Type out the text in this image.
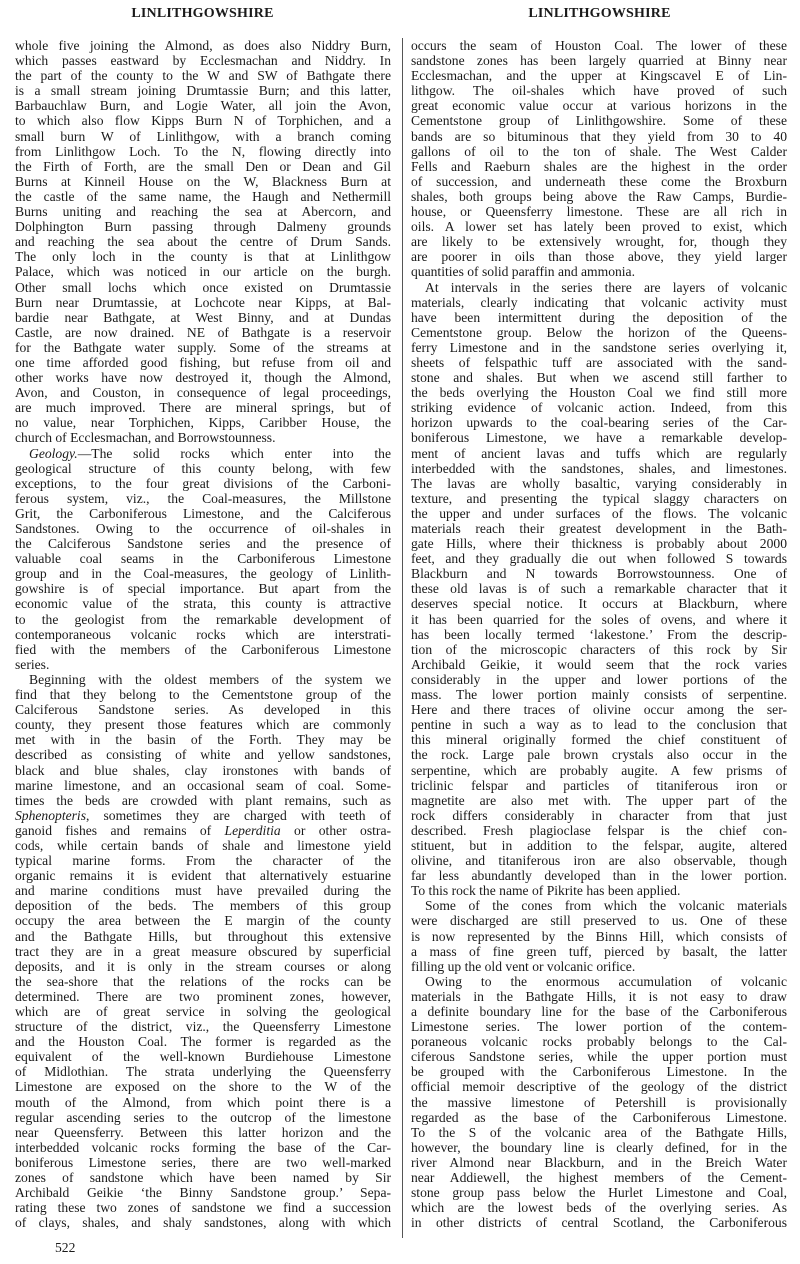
LINLITHGOWSHIRE	LINLITHGOWSHIRE
whole five joining the Almond, as does also Niddry Burn,
which passes eastward by Ecclesmachan and Niddry. In
the part of the county to the W and SW of Bathgate there
is a small stream joining Drumtassie Burn; and this latter,
Barbauchlaw Burn, and Logie Water, all join the Avon,
to which also flow Kipps Burn N of Torphichen, and a
small burn W of Linlithgow, with a branch coming
from Linlithgow Loch. To the N, flowing directly into
the Firth of Forth, are the small Den or Dean and Gil
Burns at Kinneil House on the W, Blackness Burn at
the castle of the same name, the Haugh and Nethermill
Burns uniting and reaching the sea at Abercorn, and
Dolphington Burn passing through Dalmeny grounds
and reaching the sea about the centre of Drum Sands.
The only loch in the county is that at Linlithgow
Palace, which was noticed in our article on the burgh.
Other small lochs which once existed on Drumtassie
Burn near Drumtassie, at Lochcote near Kipps, at Bal-
bardie near Bathgate, at West Binny, and at Dundas
Castle, are now drained. NE of Bathgate is a reservoir
for the Bathgate water supply. Some of the streams at
one time afforded good fishing, but refuse from oil and
other works have now destroyed it, though the Almond,
Avon, and Couston, in consequence of legal proceedings,
are much improved. There are mineral springs, but of
no value, near Torphichen, Kipps, Caribber House, the
church of Ecclesmachan, and Borrowstounness.
Geology.—The solid rocks which enter into the
geological structure of this county belong, with few
exceptions, to the four great divisions of the Carboni-
ferous system, viz., the Coal-measures, the Millstone
Grit, the Carboniferous Limestone, and the Calciferous
Sandstones. Owing to the occurrence of oil-shales in
the Calciferous Sandstone series and the presence of
valuable coal seams in the Carboniferous Limestone
group and in the Coal-measures, the geology of Linlith-
gowshire is of special importance. But apart from the
economic value of the strata, this county is attractive
to the geologist from the remarkable development of
contemporaneous volcanic rocks which are interstrati-
fied with the members of the Carboniferous Limestone
series.
Beginning with the oldest members of the system we
find that they belong to the Cementstone group of the
Calciferous Sandstone series. As developed in this
county, they present those features which are commonly
met with in the basin of the Forth. They may be
described as consisting of white and yellow sandstones,
black and blue shales, clay ironstones with bands of
marine limestone, and an occasional seam of coal. Some-
times the beds are crowded with plant remains, such as
Sphenopteris, sometimes they are charged with teeth of
ganoid fishes and remains of Leperditia or other ostra-
cods, while certain bands of shale and limestone yield
typical marine forms. From the character of the
organic remains it is evident that alternatively estuarine
and marine conditions must have prevailed during the
deposition of the beds. The members of this group
occupy the area between the E margin of the county
and the Bathgate Hills, but throughout this extensive
tract they are in a great measure obscured by superficial
deposits, and it is only in the stream courses or along
the sea-shore that the relations of the rocks can be
determined. There are two prominent zones, however,
which are of great service in solving the geological
structure of the district, viz., the Queensferry Limestone
and the Houston Coal. The former is regarded as the
equivalent of the well-known Burdiehouse Limestone
of Midlothian. The strata underlying the Queensferry
Limestone are exposed on the shore to the W of the
mouth of the Almond, from which point there is a
regular ascending series to the outcrop of the limestone
near Queensferry. Between this latter horizon and the
interbedded volcanic rocks forming the base of the Car-
boniferous Limestone series, there are two well-marked
zones of sandstone which have been named by Sir
Archibald Geikie ‘the Binny Sandstone group.’ Sepa-
rating these two zones of sandstone we find a succession
of clays, shales, and shaly sandstones, along with which
occurs the seam of Houston Coal. The lower of these
sandstone zones has been largely quarried at Binny near
Ecclesmachan, and the upper at Kingscavel E of Lin-
lithgow. The oil-shales which have proved of such
great economic value occur at various horizons in the
Cementstone group of Linlithgowshire. Some of these
bands are so bituminous that they yield from 30 to 40
gallons of oil to the ton of shale. The West Calder
Fells and Raeburn shales are the highest in the order
of succession, and underneath these come the Broxburn
shales, both groups being above the Raw Camps, Burdie-
house, or Queensferry limestone. These are all rich in
oils. A lower set has lately been proved to exist, which
are likely to be extensively wrought, for, though they
are poorer in oils than those above, they yield larger
quantities of solid paraffin and ammonia.
At intervals in the series there are layers of volcanic
materials, clearly indicating that volcanic activity must
have been intermittent during the deposition of the
Cementstone group. Below the horizon of the Queens-
ferry Limestone and in the sandstone series overlying it,
sheets of felspathic tuff are associated with the sand-
stone and shales. But when we ascend still farther to
the beds overlying the Houston Coal we find still more
striking evidence of volcanic action. Indeed, from this
horizon upwards to the coal-bearing series of the Car-
boniferous Limestone, we have a remarkable develop-
ment of ancient lavas and tuffs which are regularly
interbedded with the sandstones, shales, and limestones.
The lavas are wholly basaltic, varying considerably in
texture, and presenting the typical slaggy characters on
the upper and under surfaces of the flows. The volcanic
materials reach their greatest development in the Bath-
gate Hills, where their thickness is probably about 2000
feet, and they gradually die out when followed S towards
Blackburn and N towards Borrowstounness. One of
these old lavas is of such a remarkable character that it
deserves special notice. It occurs at Blackburn, where
it has been quarried for the soles of ovens, and where it
has been locally termed ‘lakestone.’ From the descrip-
tion of the microscopic characters of this rock by Sir
Archibald Geikie, it would seem that the rock varies
considerably in the upper and lower portions of the
mass. The lower portion mainly consists of serpentine.
Here and there traces of olivine occur among the ser-
pentine in such a way as to lead to the conclusion that
this mineral originally formed the chief constituent of
the rock. Large pale brown crystals also occur in the
serpentine, which are probably augite. A few prisms of
triclinic felspar and particles of titaniferous iron or
magnetite are also met with. The upper part of the
rock differs considerably in character from that just
described. Fresh plagioclase felspar is the chief con-
stituent, but in addition to the felspar, augite, altered
olivine, and titaniferous iron are also observable, though
far less abundantly developed than in the lower portion.
To this rock the name of Pikrite has been applied.
Some of the cones from which the volcanic materials
were discharged are still preserved to us. One of these
is now represented by the Binns Hill, which consists of
a mass of fine green tuff, pierced by basalt, the latter
filling up the old vent or volcanic orifice.
Owing to the enormous accumulation of volcanic
materials in the Bathgate Hills, it is not easy to draw
a definite boundary line for the base of the Carboniferous
Limestone series. The lower portion of the contem-
poraneous volcanic rocks probably belongs to the Cal-
ciferous Sandstone series, while the upper portion must
be grouped with the Carboniferous Limestone. In the
official memoir descriptive of the geology of the district
the massive limestone of Petershill is provisionally
regarded as the base of the Carboniferous Limestone.
To the S of the volcanic area of the Bathgate Hills,
however, the boundary line is clearly defined, for in the
river Almond near Blackburn, and in the Breich Water
near Addiewell, the highest members of the Cement-
stone group pass below the Hurlet Limestone and Coal,
which are the lowest beds of the overlying series. As
in other districts of central Scotland, the Carboniferous
522
